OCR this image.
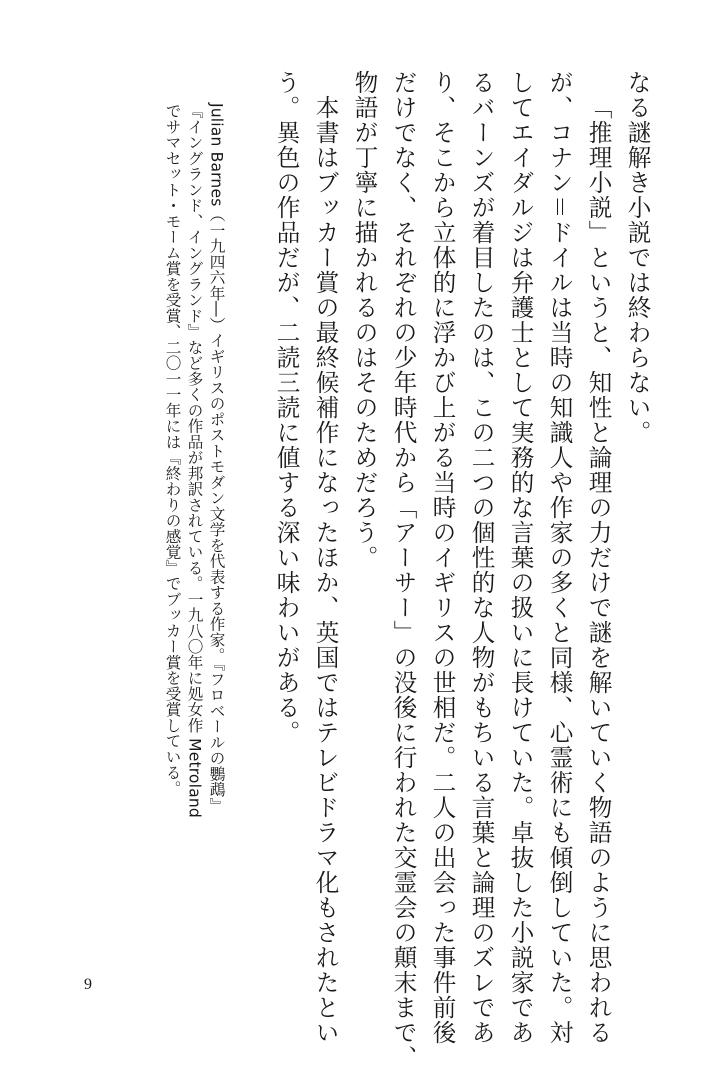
なる謎解き小説では終わらない。
「推理小説」というと、知性と論理の力だけで謎を解いていく物語のように思われる
が、コナン＝ドイルは当時の知識人や作家の多くと同様、心霊術にも傾倒していた。対
してエイダルジは弁護士として実務的な言葉の扱いに長けていた。卓抜した小説家であ
るバーンズが着目したのは、この二つの個性的な人物がもちいる言葉と論理のズレであ
り、そこから立体的に浮かび上がる当時のイギリスの世相だ。二人の出会った事件前後
だけでなく、それぞれの少年時代から「アーサー」の没後に行われた交霊会の顛末まで、
物語が丁寧に描かれるのはそのためだろう。
本書はブッカー賞の最終候補作になったほか、英国ではテレビドラマ化もされたとい
う。異色の作品だが、二読三読に値する深い味わいがある。
Julian Barnes（一九四六年―）イギリスのポストモダン文学を代表する作家。『フロベールの鸚鵡』
『イングランド、イングランド』など多くの作品が邦訳されている。一九八〇年に処女作 Metroland
でサマセット・モーム賞を受賞、二〇一一年には『終わりの感覚』でブッカー賞を受賞している。
9
